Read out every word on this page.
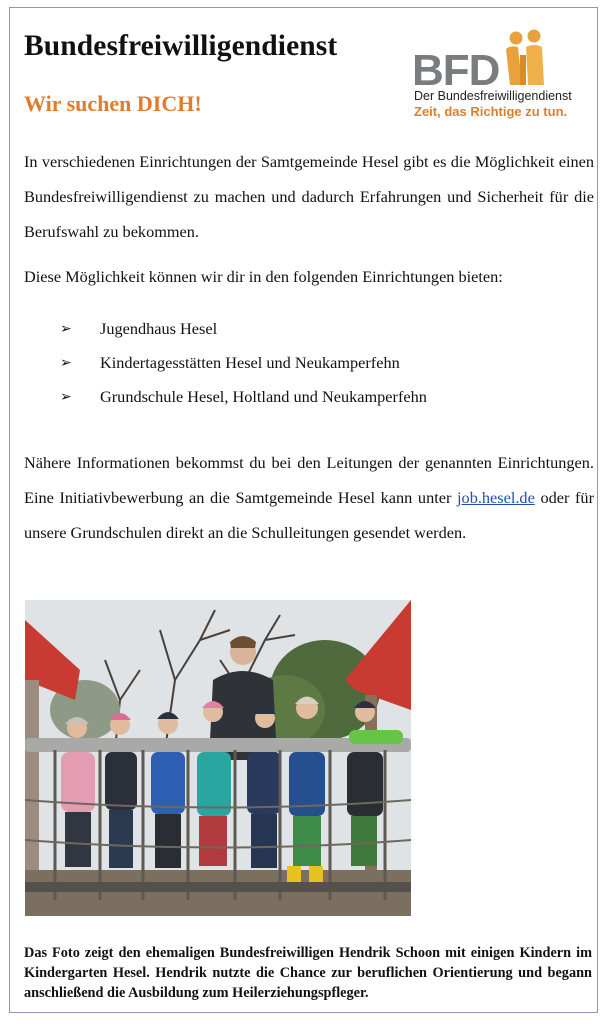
Bundesfreiwilligendienst
Wir suchen DICH!
BFD
Der Bundesfreiwilligendienst
Zeit, das Richtige zu tun.

In verschiedenen Einrichtungen der Samtgemeinde Hesel gibt es die Möglichkeit einen Bundesfreiwilligendienst zu machen und dadurch Erfahrungen und Sicherheit für die Berufswahl zu bekommen.

Diese Möglichkeit können wir dir in den folgenden Einrichtungen bieten:

➢	Jugendhaus Hesel
➢	Kindertagesstätten Hesel und Neukamperfehn
➢	Grundschule Hesel, Holtland und Neukamperfehn

Nähere Informationen bekommst du bei den Leitungen der genannten Einrichtungen. Eine Initiativbewerbung an die Samtgemeinde Hesel kann unter job.hesel.de oder für unsere Grundschulen direkt an die Schulleitungen gesendet werden.

Das Foto zeigt den ehemaligen Bundesfreiwilligen Hendrik Schoon mit einigen Kindern im Kindergarten Hesel. Hendrik nutzte die Chance zur beruflichen Orientierung und begann anschließend die Ausbildung zum Heilerziehungspfleger.
